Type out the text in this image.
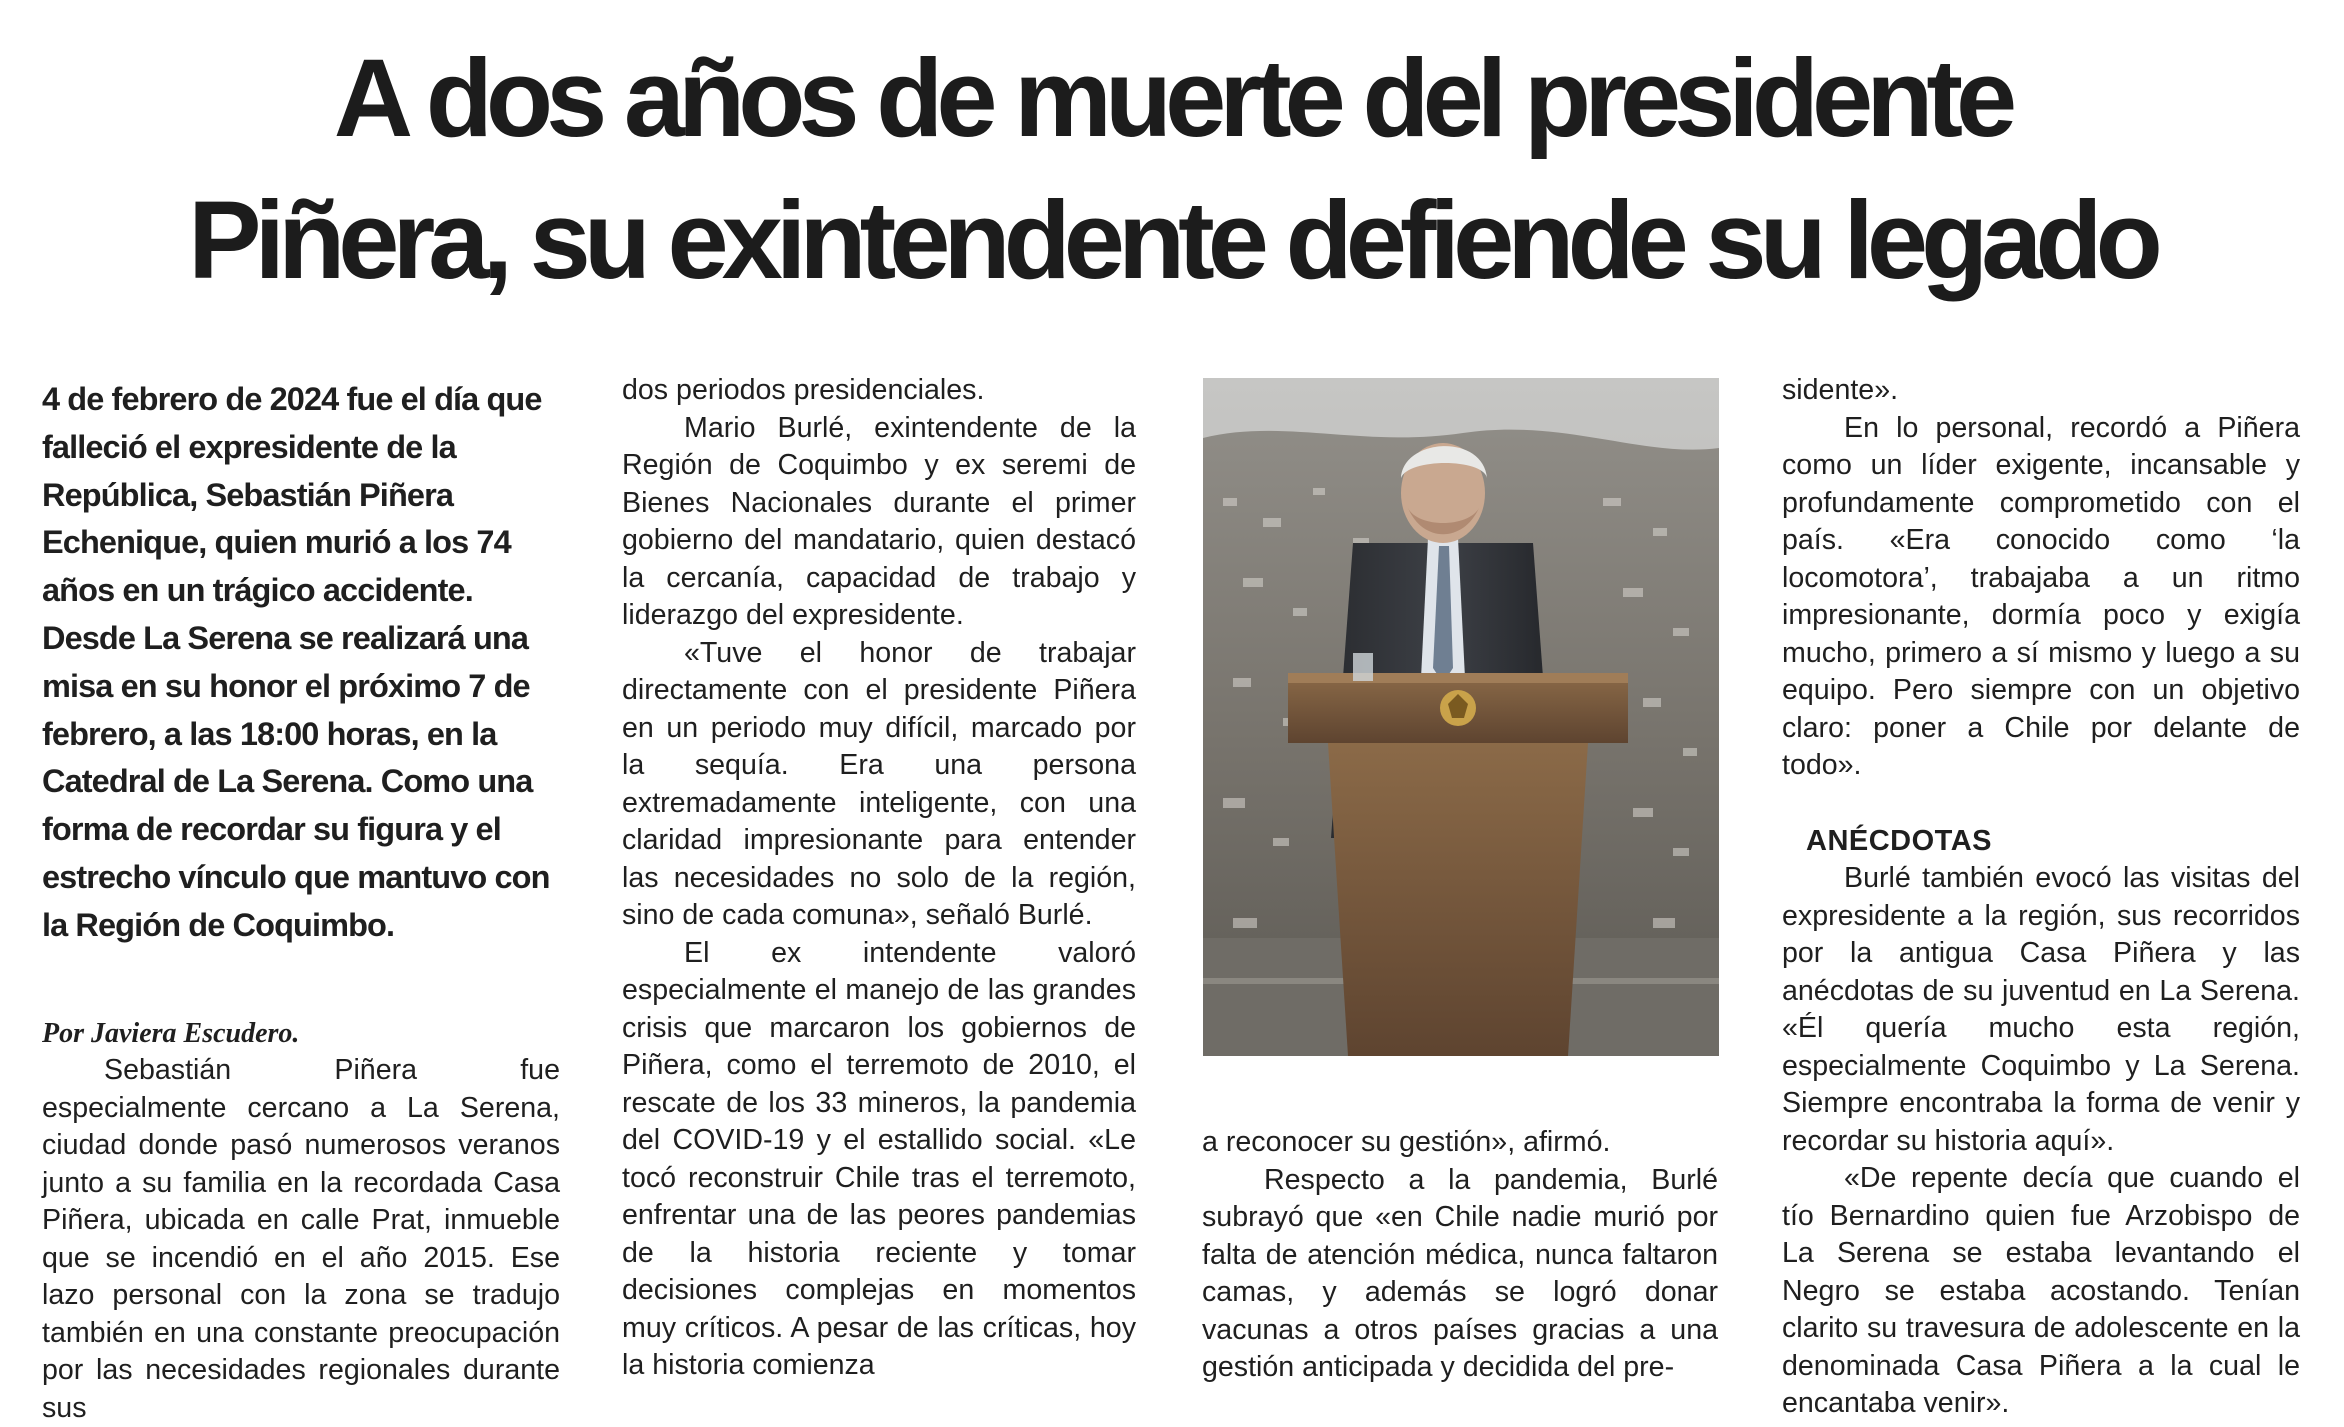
A dos años de muerte del presidente
Piñera, su exintendente defiende su legado

4 de febrero de 2024 fue el día que falleció el expresidente de la República, Sebastián Piñera Echenique, quien murió a los 74 años en un trágico accidente. Desde La Serena se realizará una misa en su honor el próximo 7 de febrero, a las 18:00 horas, en la Catedral de La Serena. Como una forma de recordar su figura y el estrecho vínculo que mantuvo con la Región de Coquimbo.

Por Javiera Escudero.

Sebastián Piñera fue especialmente cercano a La Serena, ciudad donde pasó numerosos veranos junto a su familia en la recordada Casa Piñera, ubicada en calle Prat, inmueble que se incendió en el año 2015. Ese lazo personal con la zona se tradujo también en una constante preocupación por las necesidades regionales durante sus

dos periodos presidenciales.

Mario Burlé, exintendente de la Región de Coquimbo y ex seremi de Bienes Nacionales durante el primer gobierno del mandatario, quien destacó la cercanía, capacidad de trabajo y liderazgo del expresidente.

«Tuve el honor de trabajar directamente con el presidente Piñera en un periodo muy difícil, marcado por la sequía. Era una persona extremadamente inteligente, con una claridad impresionante para entender las necesidades no solo de la región, sino de cada comuna», señaló Burlé.

El ex intendente valoró especialmente el manejo de las grandes crisis que marcaron los gobiernos de Piñera, como el terremoto de 2010, el rescate de los 33 mineros, la pandemia del COVID-19 y el estallido social. «Le tocó reconstruir Chile tras el terremoto, enfrentar una de las peores pandemias de la historia reciente y tomar decisiones complejas en momentos muy críticos. A pesar de las críticas, hoy la historia comienza

a reconocer su gestión», afirmó.

Respecto a la pandemia, Burlé subrayó que «en Chile nadie murió por falta de atención médica, nunca faltaron camas, y además se logró donar vacunas a otros países gracias a una gestión anticipada y decidida del pre-

sidente».

En lo personal, recordó a Piñera como un líder exigente, incansable y profundamente comprometido con el país. «Era conocido como ‘la locomotora’, trabajaba a un ritmo impresionante, dormía poco y exigía mucho, primero a sí mismo y luego a su equipo. Pero siempre con un objetivo claro: poner a Chile por delante de todo».

ANÉCDOTAS

Burlé también evocó las visitas del expresidente a la región, sus recorridos por la antigua Casa Piñera y las anécdotas de su juventud en La Serena. «Él quería mucho esta región, especialmente Coquimbo y La Serena. Siempre encontraba la forma de venir y recordar su historia aquí».

«De repente decía que cuando el tío Bernardino quien fue Arzobispo de La Serena se estaba levantando el Negro se estaba acostando. Tenían clarito su travesura de adolescente en la denominada Casa Piñera a la cual le encantaba venir».
